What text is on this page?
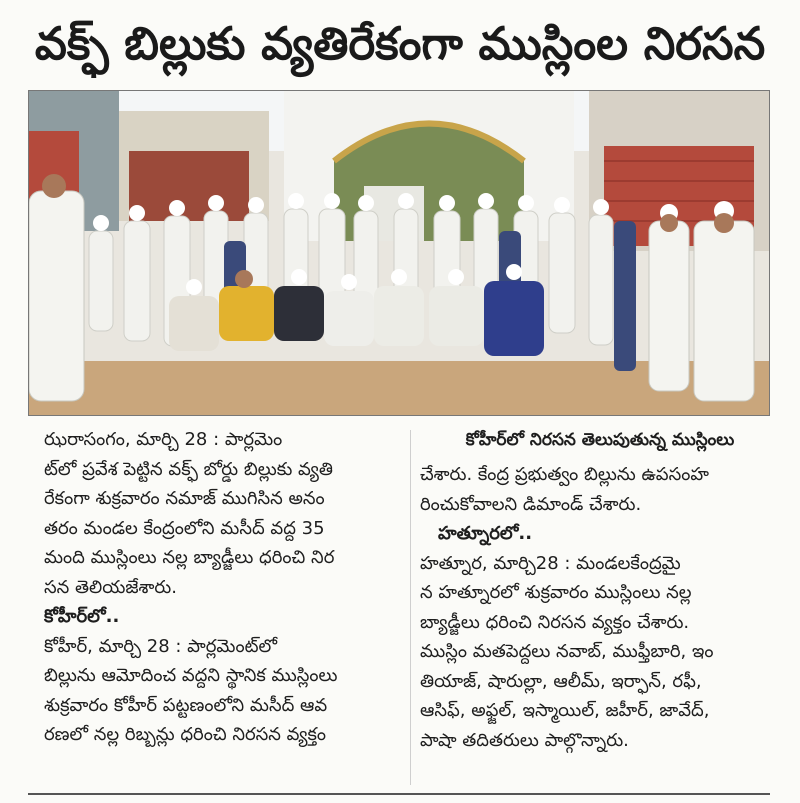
వక్ఫ్ బిల్లుకు వ్యతిరేకంగా ముస్లింల నిరసన
కోహీర్‌లో నిరసన తెలుపుతున్న ముస్లింలు
ఝరాసంగం, మార్చి 28 : పార్లమెం
ట్‌లో ప్రవేశ పెట్టిన వక్ఫ్ బోర్డు బిల్లుకు వ్యతి
రేకంగా శుక్రవారం నమాజ్ ముగిసిన అనం
తరం మండల కేంద్రంలోని మసీద్ వద్ద 35
మంది ముస్లింలు నల్ల బ్యాడ్జీలు ధరించి నిర
సన తెలియజేశారు.
కోహీర్‌లో..
కోహీర్, మార్చి 28 : పార్లమెంట్‌లో
బిల్లును ఆమోదించ వద్దని స్థానిక ముస్లింలు
శుక్రవారం కోహీర్ పట్టణంలోని మసీద్ ఆవ
రణలో నల్ల రిబ్బన్లు ధరించి నిరసన వ్యక్తం
చేశారు. కేంద్ర ప్రభుత్వం బిల్లును ఉపసంహ
రించుకోవాలని డిమాండ్ చేశారు.
హత్నూరలో..
హత్నూర, మార్చి28 : మండలకేంద్రమై
న హత్నూరలో శుక్రవారం ముస్లింలు నల్ల
బ్యాడ్జీలు ధరించి నిరసన వ్యక్తం చేశారు.
ముస్లిం మతపెద్దలు నవాబ్, ముఫ్తీబారి, ఇం
తియాజ్, షారుల్లా, ఆలీమ్, ఇర్ఫాన్, రఫీ,
ఆసిఫ్, అఫ్జల్, ఇస్మాయిల్, జహీర్, జావేద్,
పాషా తదితరులు పాల్గొన్నారు.
